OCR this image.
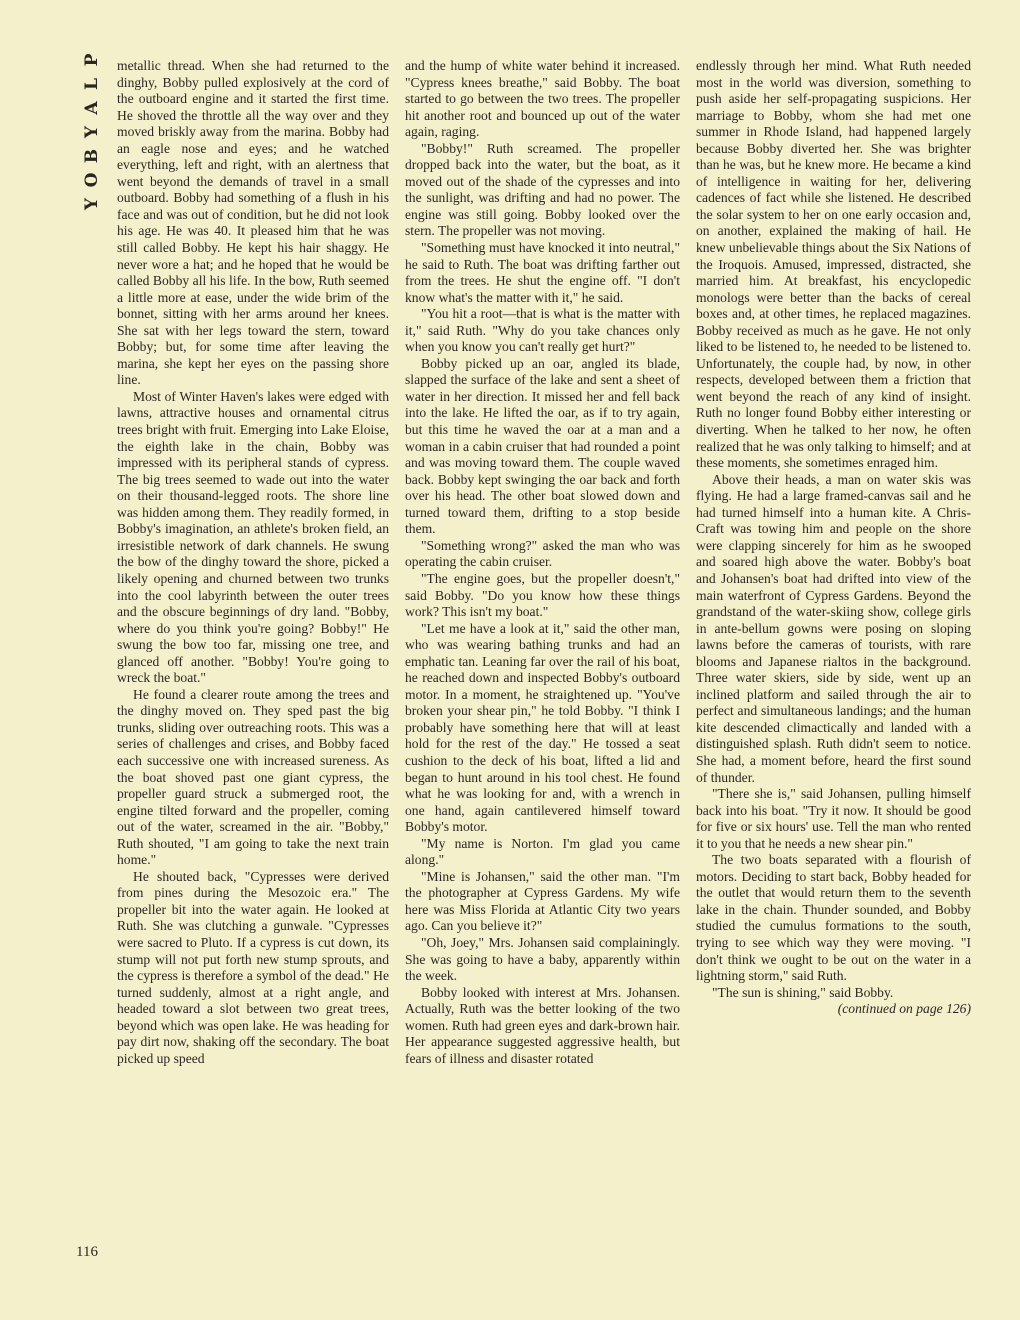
P
L
A
Y
B
O
Y

metallic thread. When she had returned to the dinghy, Bobby pulled explosively at the cord of the outboard engine and it started the first time. He shoved the throttle all the way over and they moved briskly away from the marina. Bobby had an eagle nose and eyes; and he watched everything, left and right, with an alertness that went beyond the demands of travel in a small outboard. Bobby had something of a flush in his face and was out of condition, but he did not look his age. He was 40. It pleased him that he was still called Bobby. He kept his hair shaggy. He never wore a hat; and he hoped that he would be called Bobby all his life. In the bow, Ruth seemed a little more at ease, under the wide brim of the bonnet, sitting with her arms around her knees. She sat with her legs toward the stern, toward Bobby; but, for some time after leaving the marina, she kept her eyes on the passing shore line.

Most of Winter Haven's lakes were edged with lawns, attractive houses and ornamental citrus trees bright with fruit. Emerging into Lake Eloise, the eighth lake in the chain, Bobby was impressed with its peripheral stands of cypress. The big trees seemed to wade out into the water on their thousand-legged roots. The shore line was hidden among them. They readily formed, in Bobby's imagination, an athlete's broken field, an irresistible network of dark channels. He swung the bow of the dinghy toward the shore, picked a likely opening and churned between two trunks into the cool labyrinth between the outer trees and the obscure beginnings of dry land. "Bobby, where do you think you're going? Bobby!" He swung the bow too far, missing one tree, and glanced off another. "Bobby! You're going to wreck the boat."

He found a clearer route among the trees and the dinghy moved on. They sped past the big trunks, sliding over outreaching roots. This was a series of challenges and crises, and Bobby faced each successive one with increased sureness. As the boat shoved past one giant cypress, the propeller guard struck a submerged root, the engine tilted forward and the propeller, coming out of the water, screamed in the air. "Bobby," Ruth shouted, "I am going to take the next train home."

He shouted back, "Cypresses were derived from pines during the Mesozoic era." The propeller bit into the water again. He looked at Ruth. She was clutching a gunwale. "Cypresses were sacred to Pluto. If a cypress is cut down, its stump will not put forth new stump sprouts, and the cypress is therefore a symbol of the dead." He turned suddenly, almost at a right angle, and headed toward a slot between two great trees, beyond which was open lake. He was heading for pay dirt now, shaking off the secondary. The boat picked up speed

and the hump of white water behind it increased. "Cypress knees breathe," said Bobby. The boat started to go between the two trees. The propeller hit another root and bounced up out of the water again, raging.

"Bobby!" Ruth screamed. The propeller dropped back into the water, but the boat, as it moved out of the shade of the cypresses and into the sunlight, was drifting and had no power. The engine was still going. Bobby looked over the stern. The propeller was not moving.

"Something must have knocked it into neutral," he said to Ruth. The boat was drifting farther out from the trees. He shut the engine off. "I don't know what's the matter with it," he said.

"You hit a root—that is what is the matter with it," said Ruth. "Why do you take chances only when you know you can't really get hurt?"

Bobby picked up an oar, angled its blade, slapped the surface of the lake and sent a sheet of water in her direction. It missed her and fell back into the lake. He lifted the oar, as if to try again, but this time he waved the oar at a man and a woman in a cabin cruiser that had rounded a point and was moving toward them. The couple waved back. Bobby kept swinging the oar back and forth over his head. The other boat slowed down and turned toward them, drifting to a stop beside them.

"Something wrong?" asked the man who was operating the cabin cruiser.

"The engine goes, but the propeller doesn't," said Bobby. "Do you know how these things work? This isn't my boat."

"Let me have a look at it," said the other man, who was wearing bathing trunks and had an emphatic tan. Leaning far over the rail of his boat, he reached down and inspected Bobby's outboard motor. In a moment, he straightened up. "You've broken your shear pin," he told Bobby. "I think I probably have something here that will at least hold for the rest of the day." He tossed a seat cushion to the deck of his boat, lifted a lid and began to hunt around in his tool chest. He found what he was looking for and, with a wrench in one hand, again cantilevered himself toward Bobby's motor.

"My name is Norton. I'm glad you came along."

"Mine is Johansen," said the other man. "I'm the photographer at Cypress Gardens. My wife here was Miss Florida at Atlantic City two years ago. Can you believe it?"

"Oh, Joey," Mrs. Johansen said complainingly. She was going to have a baby, apparently within the week.

Bobby looked with interest at Mrs. Johansen. Actually, Ruth was the better looking of the two women. Ruth had green eyes and dark-brown hair. Her appearance suggested aggressive health, but fears of illness and disaster rotated

endlessly through her mind. What Ruth needed most in the world was diversion, something to push aside her self-propagating suspicions. Her marriage to Bobby, whom she had met one summer in Rhode Island, had happened largely because Bobby diverted her. She was brighter than he was, but he knew more. He became a kind of intelligence in waiting for her, delivering cadences of fact while she listened. He described the solar system to her on one early occasion and, on another, explained the making of hail. He knew unbelievable things about the Six Nations of the Iroquois. Amused, impressed, distracted, she married him. At breakfast, his encyclopedic monologs were better than the backs of cereal boxes and, at other times, he replaced magazines. Bobby received as much as he gave. He not only liked to be listened to, he needed to be listened to. Unfortunately, the couple had, by now, in other respects, developed between them a friction that went beyond the reach of any kind of insight. Ruth no longer found Bobby either interesting or diverting. When he talked to her now, he often realized that he was only talking to himself; and at these moments, she sometimes enraged him.

Above their heads, a man on water skis was flying. He had a large framed-canvas sail and he had turned himself into a human kite. A Chris-Craft was towing him and people on the shore were clapping sincerely for him as he swooped and soared high above the water. Bobby's boat and Johansen's boat had drifted into view of the main waterfront of Cypress Gardens. Beyond the grandstand of the water-skiing show, college girls in ante-bellum gowns were posing on sloping lawns before the cameras of tourists, with rare blooms and Japanese rialtos in the background. Three water skiers, side by side, went up an inclined platform and sailed through the air to perfect and simultaneous landings; and the human kite descended climactically and landed with a distinguished splash. Ruth didn't seem to notice. She had, a moment before, heard the first sound of thunder.

"There she is," said Johansen, pulling himself back into his boat. "Try it now. It should be good for five or six hours' use. Tell the man who rented it to you that he needs a new shear pin."

The two boats separated with a flourish of motors. Deciding to start back, Bobby headed for the outlet that would return them to the seventh lake in the chain. Thunder sounded, and Bobby studied the cumulus formations to the south, trying to see which way they were moving. "I don't think we ought to be out on the water in a lightning storm," said Ruth.

"The sun is shining," said Bobby.

(continued on page 126)

116
